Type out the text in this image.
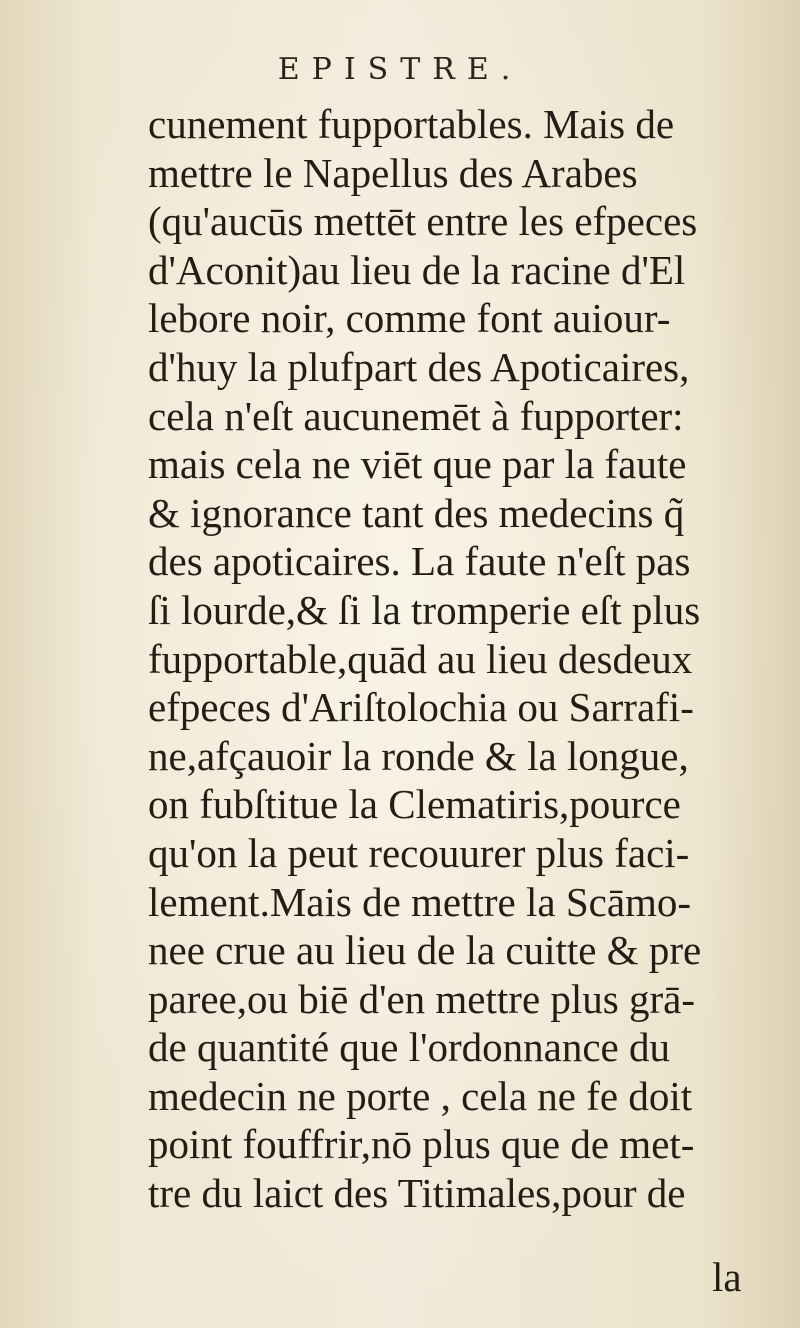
EPISTRE.
cunement fupportables. Mais de
mettre le Napellus des Arabes
(qu'aucūs mettēt entre les efpeces
d'Aconit)au lieu de la racine d'El
lebore noir, comme font auiour-
d'huy la plufpart des Apoticaires,
cela n'eſt aucunemēt à fupporter:
mais cela ne viēt que par la faute
& ignorance tant des medecins q̃
des apoticaires. La faute n'eſt pas
ſi lourde,& ſi la tromperie eſt plus
fupportable,quād au lieu desdeux
efpeces d'Ariſtolochia ou Sarrafi-
ne,afçauoir la ronde & la longue,
on fubſtitue la Clematiris,pource
qu'on la peut recouurer plus faci-
lement.Mais de mettre la Scāmo-
nee crue au lieu de la cuitte & pre
paree,ou biē d'en mettre plus grā-
de quantité que l'ordonnance du
medecin ne porte , cela ne fe doit
point fouffrir,nō plus que de met-
tre du laict des Titimales,pour de
la
